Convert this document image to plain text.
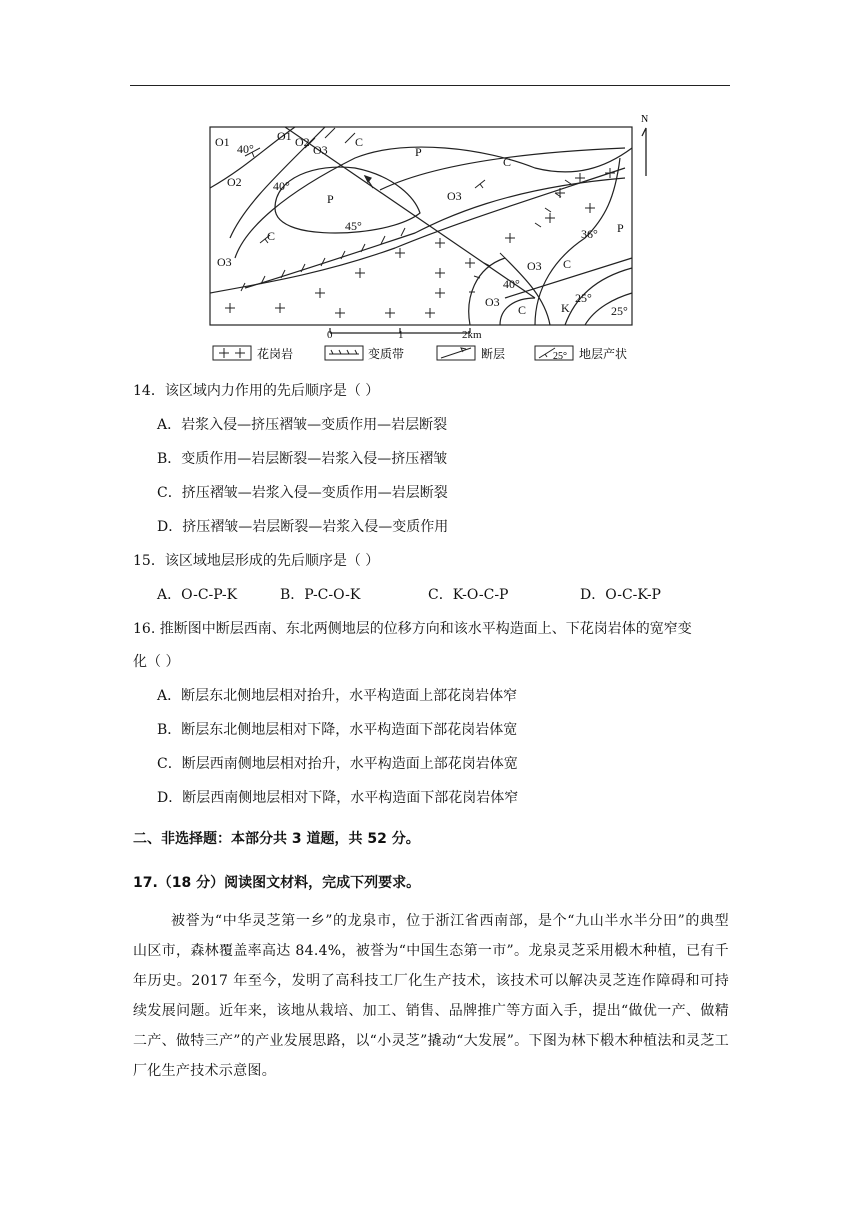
N
O1	O1 O2
O3
C
P
40°
O2	40°
P
C
O3
C
45°
O3
36° P
C
O3
40°
O3
C	K
25°
25°
0	1	2km
花岗岩	变质带	断层	25° 地层产状
14．该区域内力作用的先后顺序是（ ）
A．岩浆入侵—挤压褶皱—变质作用—岩层断裂
B．变质作用—岩层断裂—岩浆入侵—挤压褶皱
C．挤压褶皱—岩浆入侵—变质作用—岩层断裂
D．挤压褶皱—岩层断裂—岩浆入侵—变质作用
15．该区域地层形成的先后顺序是（ ）
A．O-C-P-K	B．P-C-O-K	C．K-O-C-P	D．O-C-K-P
16. 推断图中断层西南、东北两侧地层的位移方向和该水平构造面上、下花岗岩体的宽窄变
化（ ）
A．断层东北侧地层相对抬升，水平构造面上部花岗岩体窄
B．断层东北侧地层相对下降，水平构造面下部花岗岩体宽
C．断层西南侧地层相对抬升，水平构造面上部花岗岩体宽
D．断层西南侧地层相对下降，水平构造面下部花岗岩体窄
二、非选择题：本部分共 3 道题，共 52 分。
17.（18 分）阅读图文材料，完成下列要求。
被誉为“中华灵芝第一乡”的龙泉市，位于浙江省西南部，是个“九山半水半分田”的典型山区市，森林覆盖率高达 84.4%，被誉为“中国生态第一市”。龙泉灵芝采用椴木种植，已有千年历史。2017 年至今，发明了高科技工厂化生产技术，该技术可以解决灵芝连作障碍和可持续发展问题。近年来，该地从栽培、加工、销售、品牌推广等方面入手，提出“做优一产、做精二产、做特三产”的产业发展思路，以“小灵芝”撬动“大发展”。下图为林下椴木种植法和灵芝工厂化生产技术示意图。
